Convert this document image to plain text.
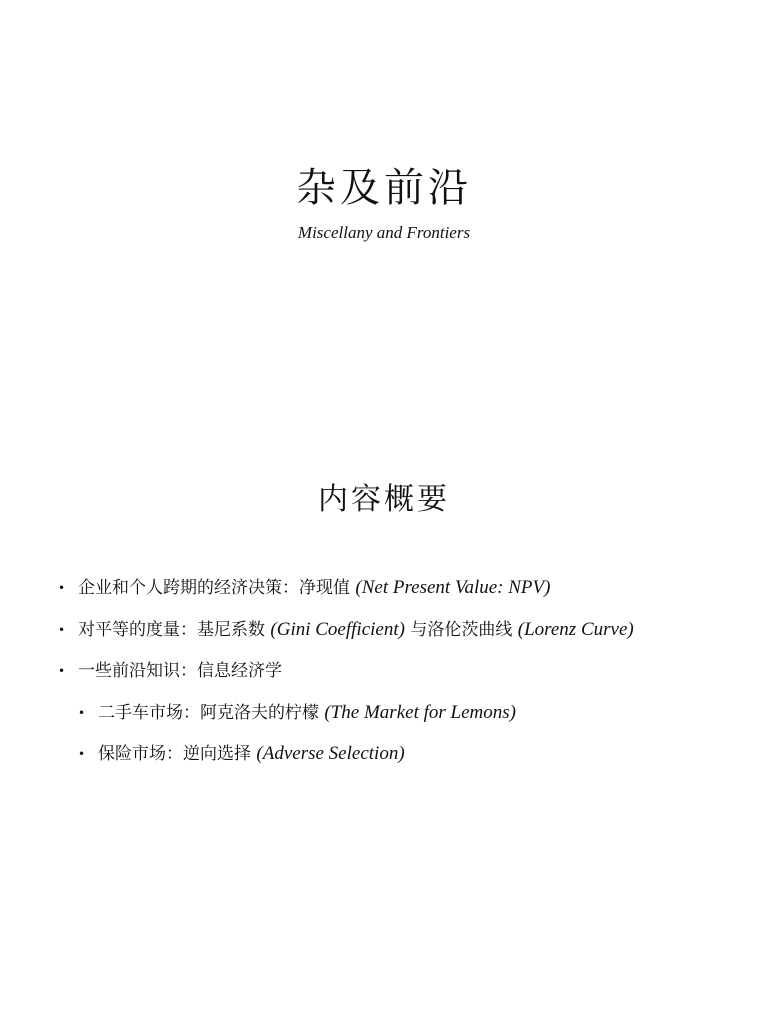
杂及前沿
Miscellany and Frontiers
内容概要
• 企业和个人跨期的经济决策：净现值 (Net Present Value: NPV)
• 对平等的度量：基尼系数 (Gini Coefficient) 与洛伦茨曲线 (Lorenz Curve)
• 一些前沿知识：信息经济学
• 二手车市场：阿克洛夫的柠檬 (The Market for Lemons)
• 保险市场：逆向选择 (Adverse Selection)
